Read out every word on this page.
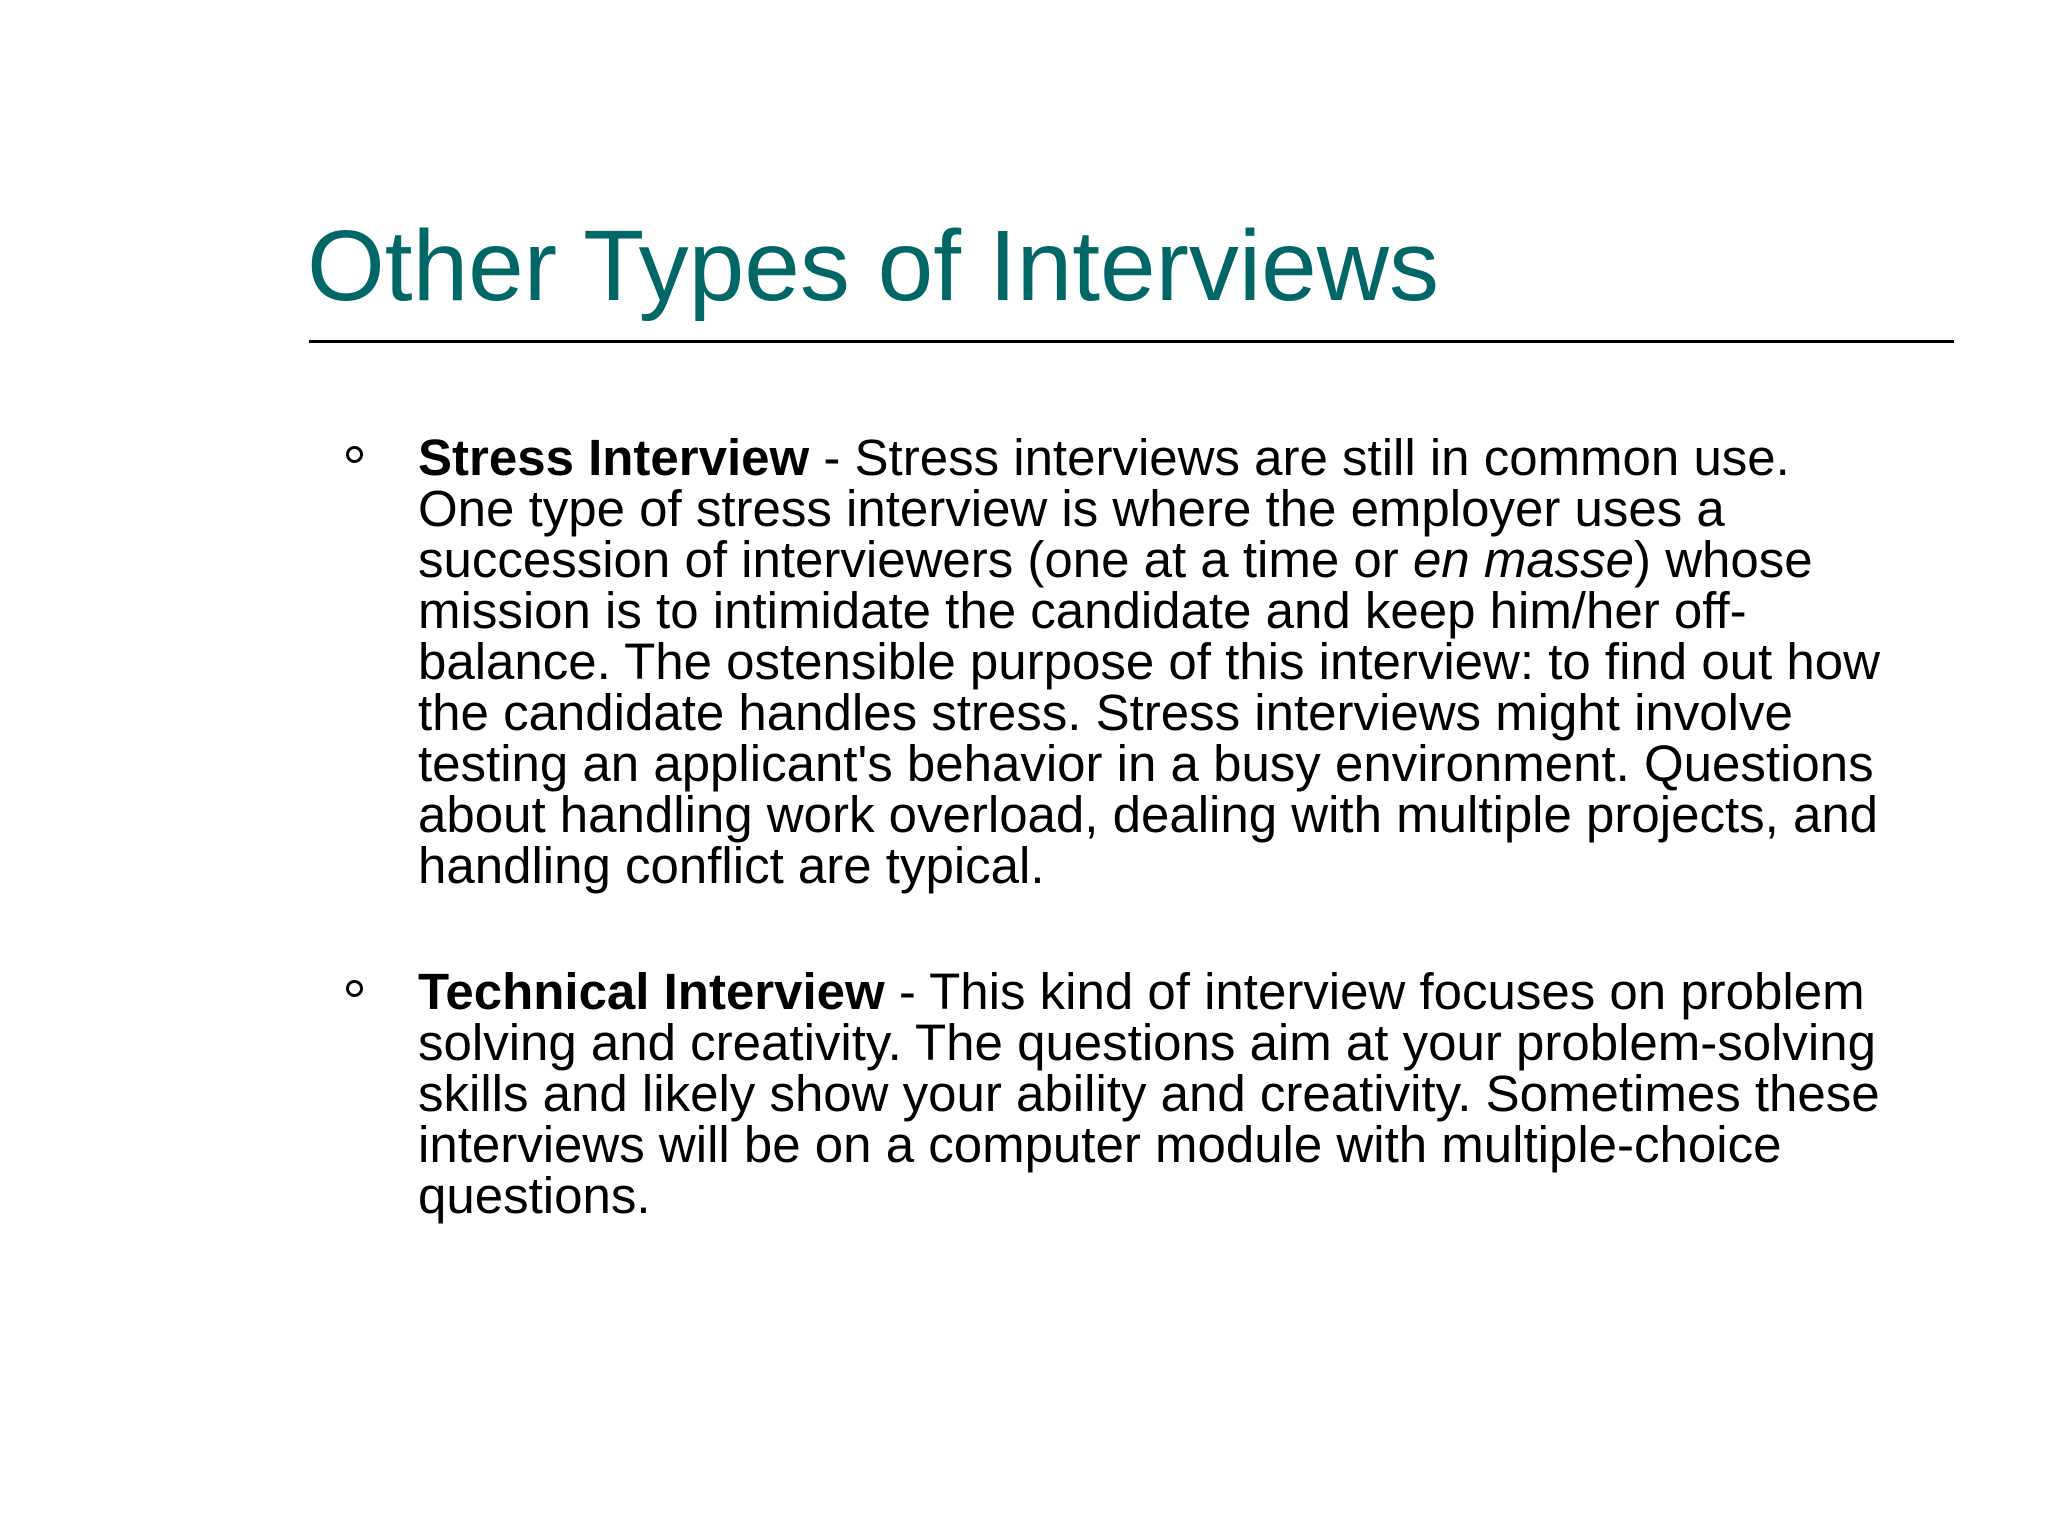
Other Types of Interviews
Stress Interview - Stress interviews are still in common use. One type of stress interview is where the employer uses a succession of interviewers (one at a time or en masse) whose mission is to intimidate the candidate and keep him/her off-balance. The ostensible purpose of this interview: to find out how the candidate handles stress. Stress interviews might involve testing an applicant's behavior in a busy environment. Questions about handling work overload, dealing with multiple projects, and handling conflict are typical.
Technical Interview - This kind of interview focuses on problem solving and creativity. The questions aim at your problem-solving skills and likely show your ability and creativity. Sometimes these interviews will be on a computer module with multiple-choice questions.
